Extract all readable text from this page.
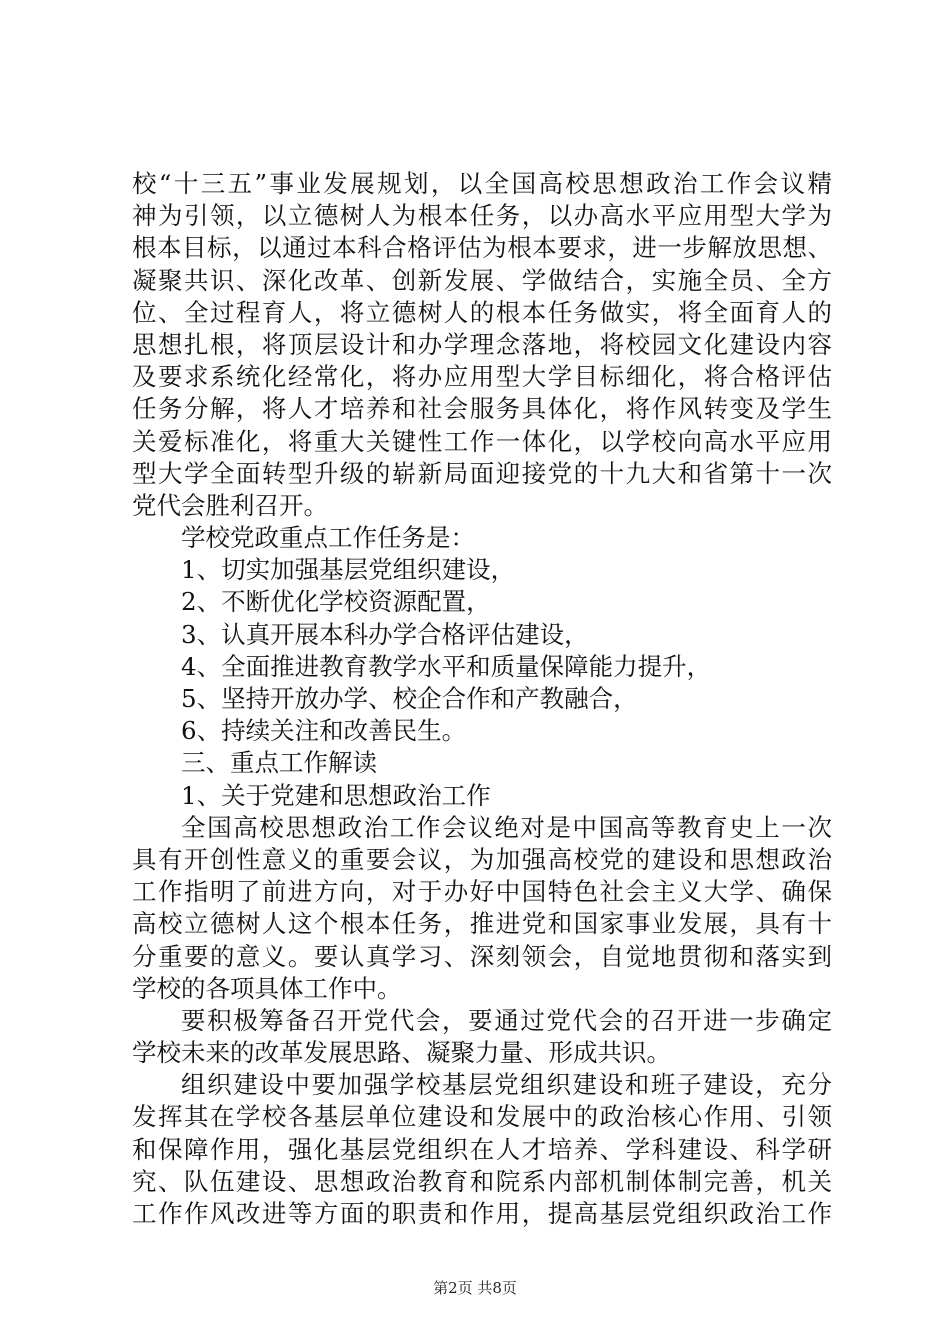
校“十三五”事业发展规划，以全国高校思想政治工作会议精
神为引领，以立德树人为根本任务，以办高水平应用型大学为
根本目标，以通过本科合格评估为根本要求，进一步解放思想、
凝聚共识、深化改革、创新发展、学做结合，实施全员、全方
位、全过程育人，将立德树人的根本任务做实，将全面育人的
思想扎根，将顶层设计和办学理念落地，将校园文化建设内容
及要求系统化经常化，将办应用型大学目标细化，将合格评估
任务分解，将人才培养和社会服务具体化，将作风转变及学生
关爱标准化，将重大关键性工作一体化，以学校向高水平应用
型大学全面转型升级的崭新局面迎接党的十九大和省第十一次
党代会胜利召开。
学校党政重点工作任务是：
1、切实加强基层党组织建设，
2、不断优化学校资源配置，
3、认真开展本科办学合格评估建设，
4、全面推进教育教学水平和质量保障能力提升，
5、坚持开放办学、校企合作和产教融合，
6、持续关注和改善民生。
三、重点工作解读
1、关于党建和思想政治工作
全国高校思想政治工作会议绝对是中国高等教育史上一次
具有开创性意义的重要会议，为加强高校党的建设和思想政治
工作指明了前进方向，对于办好中国特色社会主义大学、确保
高校立德树人这个根本任务，推进党和国家事业发展，具有十
分重要的意义。要认真学习、深刻领会，自觉地贯彻和落实到
学校的各项具体工作中。
要积极筹备召开党代会，要通过党代会的召开进一步确定
学校未来的改革发展思路、凝聚力量、形成共识。
组织建设中要加强学校基层党组织建设和班子建设，充分
发挥其在学校各基层单位建设和发展中的政治核心作用、引领
和保障作用，强化基层党组织在人才培养、学科建设、科学研
究、队伍建设、思想政治教育和院系内部机制体制完善，机关
工作作风改进等方面的职责和作用，提高基层党组织政治工作
第2页 共8页
